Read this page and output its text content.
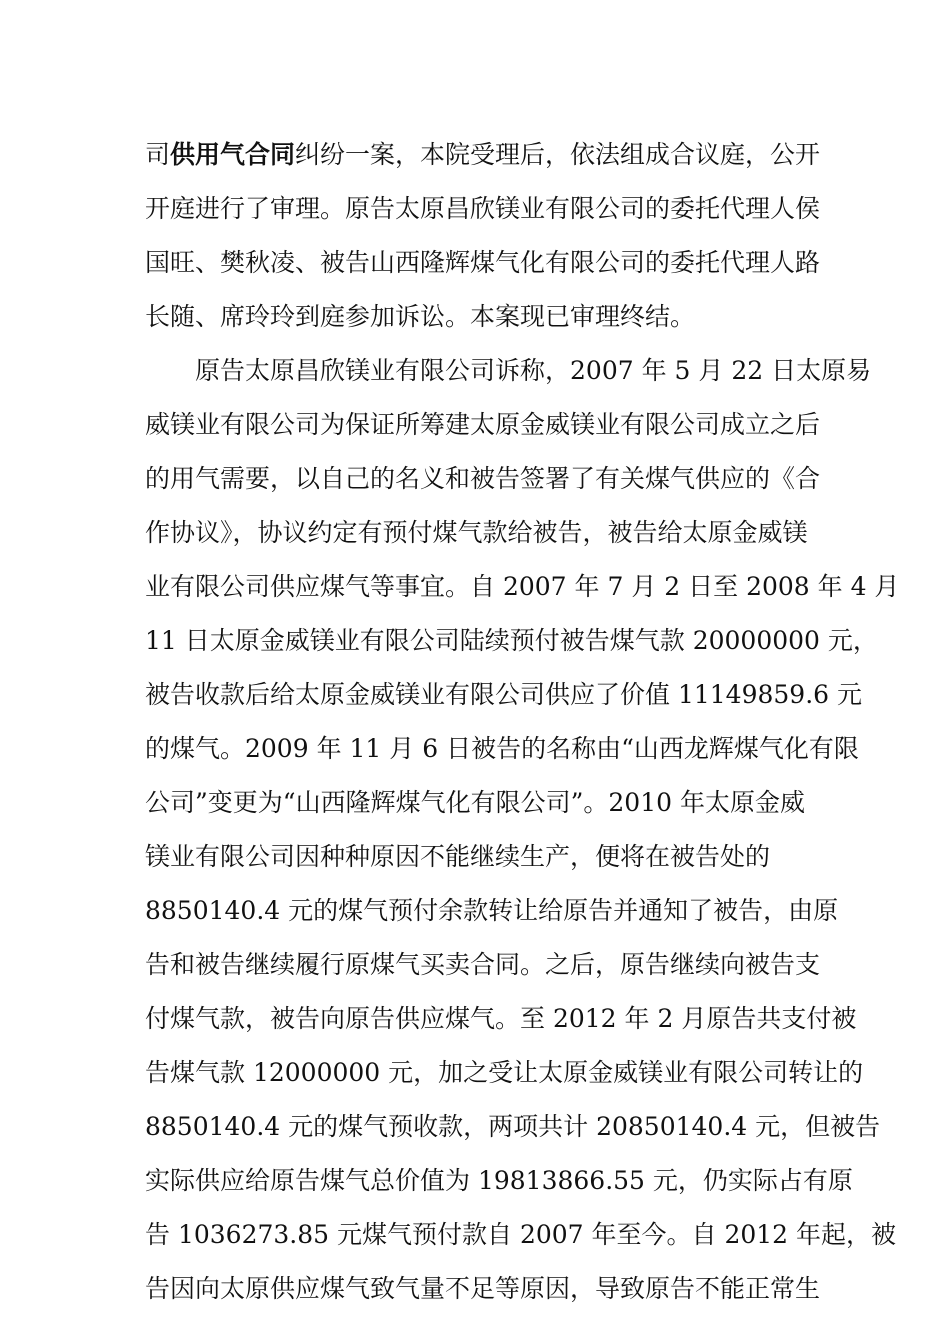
司供用气合同纠纷一案，本院受理后，依法组成合议庭，公开
开庭进行了审理。原告太原昌欣镁业有限公司的委托代理人侯
国旺、樊秋凌、被告山西隆辉煤气化有限公司的委托代理人路
长随、席玲玲到庭参加诉讼。本案现已审理终结。
原告太原昌欣镁业有限公司诉称，2007 年 5 月 22 日太原易
威镁业有限公司为保证所筹建太原金威镁业有限公司成立之后
的用气需要，以自己的名义和被告签署了有关煤气供应的《合
作协议》，协议约定有预付煤气款给被告，被告给太原金威镁
业有限公司供应煤气等事宜。自 2007 年 7 月 2 日至 2008 年 4 月
11 日太原金威镁业有限公司陆续预付被告煤气款 20000000 元，
被告收款后给太原金威镁业有限公司供应了价值 11149859.6 元
的煤气。2009 年 11 月 6 日被告的名称由“山西龙辉煤气化有限
公司”变更为“山西隆辉煤气化有限公司”。2010 年太原金威
镁业有限公司因种种原因不能继续生产，便将在被告处的
8850140.4 元的煤气预付余款转让给原告并通知了被告，由原
告和被告继续履行原煤气买卖合同。之后，原告继续向被告支
付煤气款，被告向原告供应煤气。至 2012 年 2 月原告共支付被
告煤气款 12000000 元，加之受让太原金威镁业有限公司转让的
8850140.4 元的煤气预收款，两项共计 20850140.4 元，但被告
实际供应给原告煤气总价值为 19813866.55 元，仍实际占有原
告 1036273.85 元煤气预付款自 2007 年至今。自 2012 年起，被
告因向太原供应煤气致气量不足等原因，导致原告不能正常生
